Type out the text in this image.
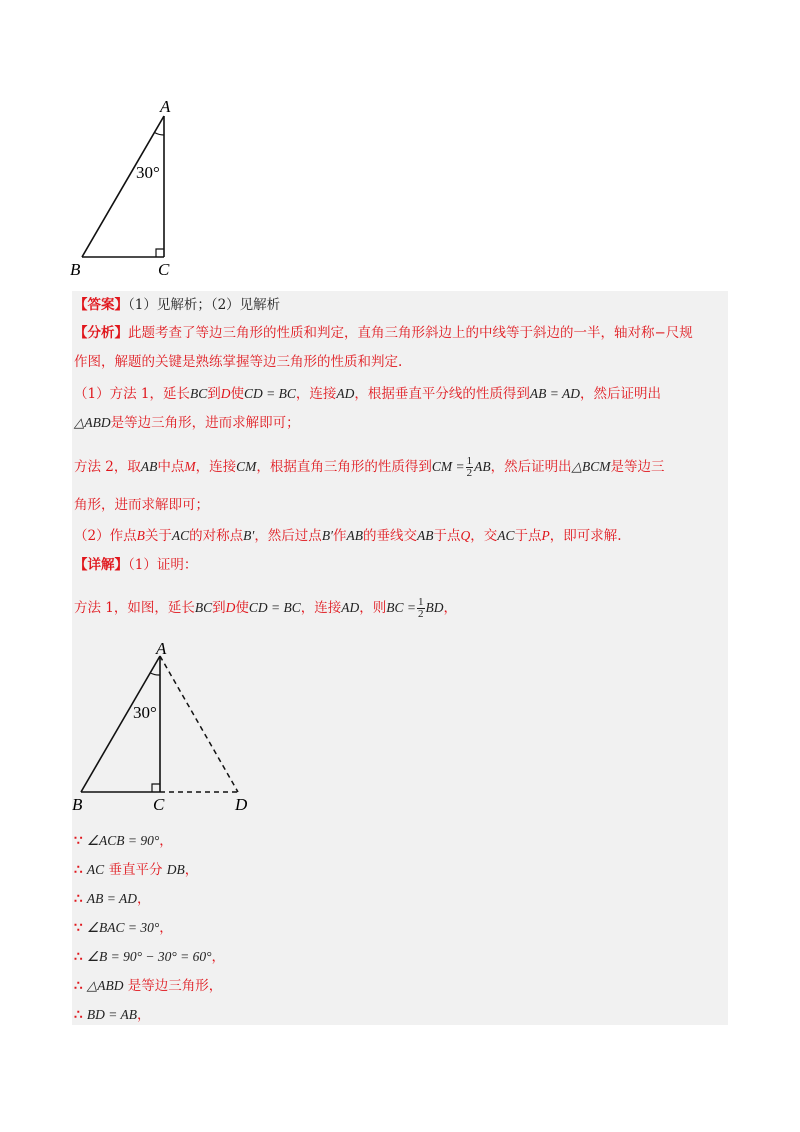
A
B	C
30°
【答案】（1）见解析；（2）见解析
【分析】此题考查了等边三角形的性质和判定，直角三角形斜边上的中线等于斜边的一半，轴对称−尺规
作图，解题的关键是熟练掌握等边三角形的性质和判定.
（1）方法 1，延长BC到D使CD = BC，连接AD，根据垂直平分线的性质得到AB = AD，然后证明出
△ABD是等边三角形，进而求解即可；
方法 2，取AB中点M，连接CM，根据直角三角形的性质得到CM = $\frac{1}{2}$ AB，然后证明出△BCM是等边三
角形，进而求解即可；
（2）作点B关于AC的对称点B′，然后过点B′作AB的垂线交AB于点Q，交AC于点P，即可求解.
【详解】（1）证明：
方法 1，如图，延长BC到D使CD = BC，连接AD，则BC = $\frac{1}{2}$ BD，
A
B	C	D
30°
∵ ∠ACB = 90°，
∴ AC 垂直平分 DB，
∴ AB = AD，
∵ ∠BAC = 30°，
∴ ∠B = 90° − 30° = 60°，
∴ △ABD 是等边三角形，
∴ BD = AB，
